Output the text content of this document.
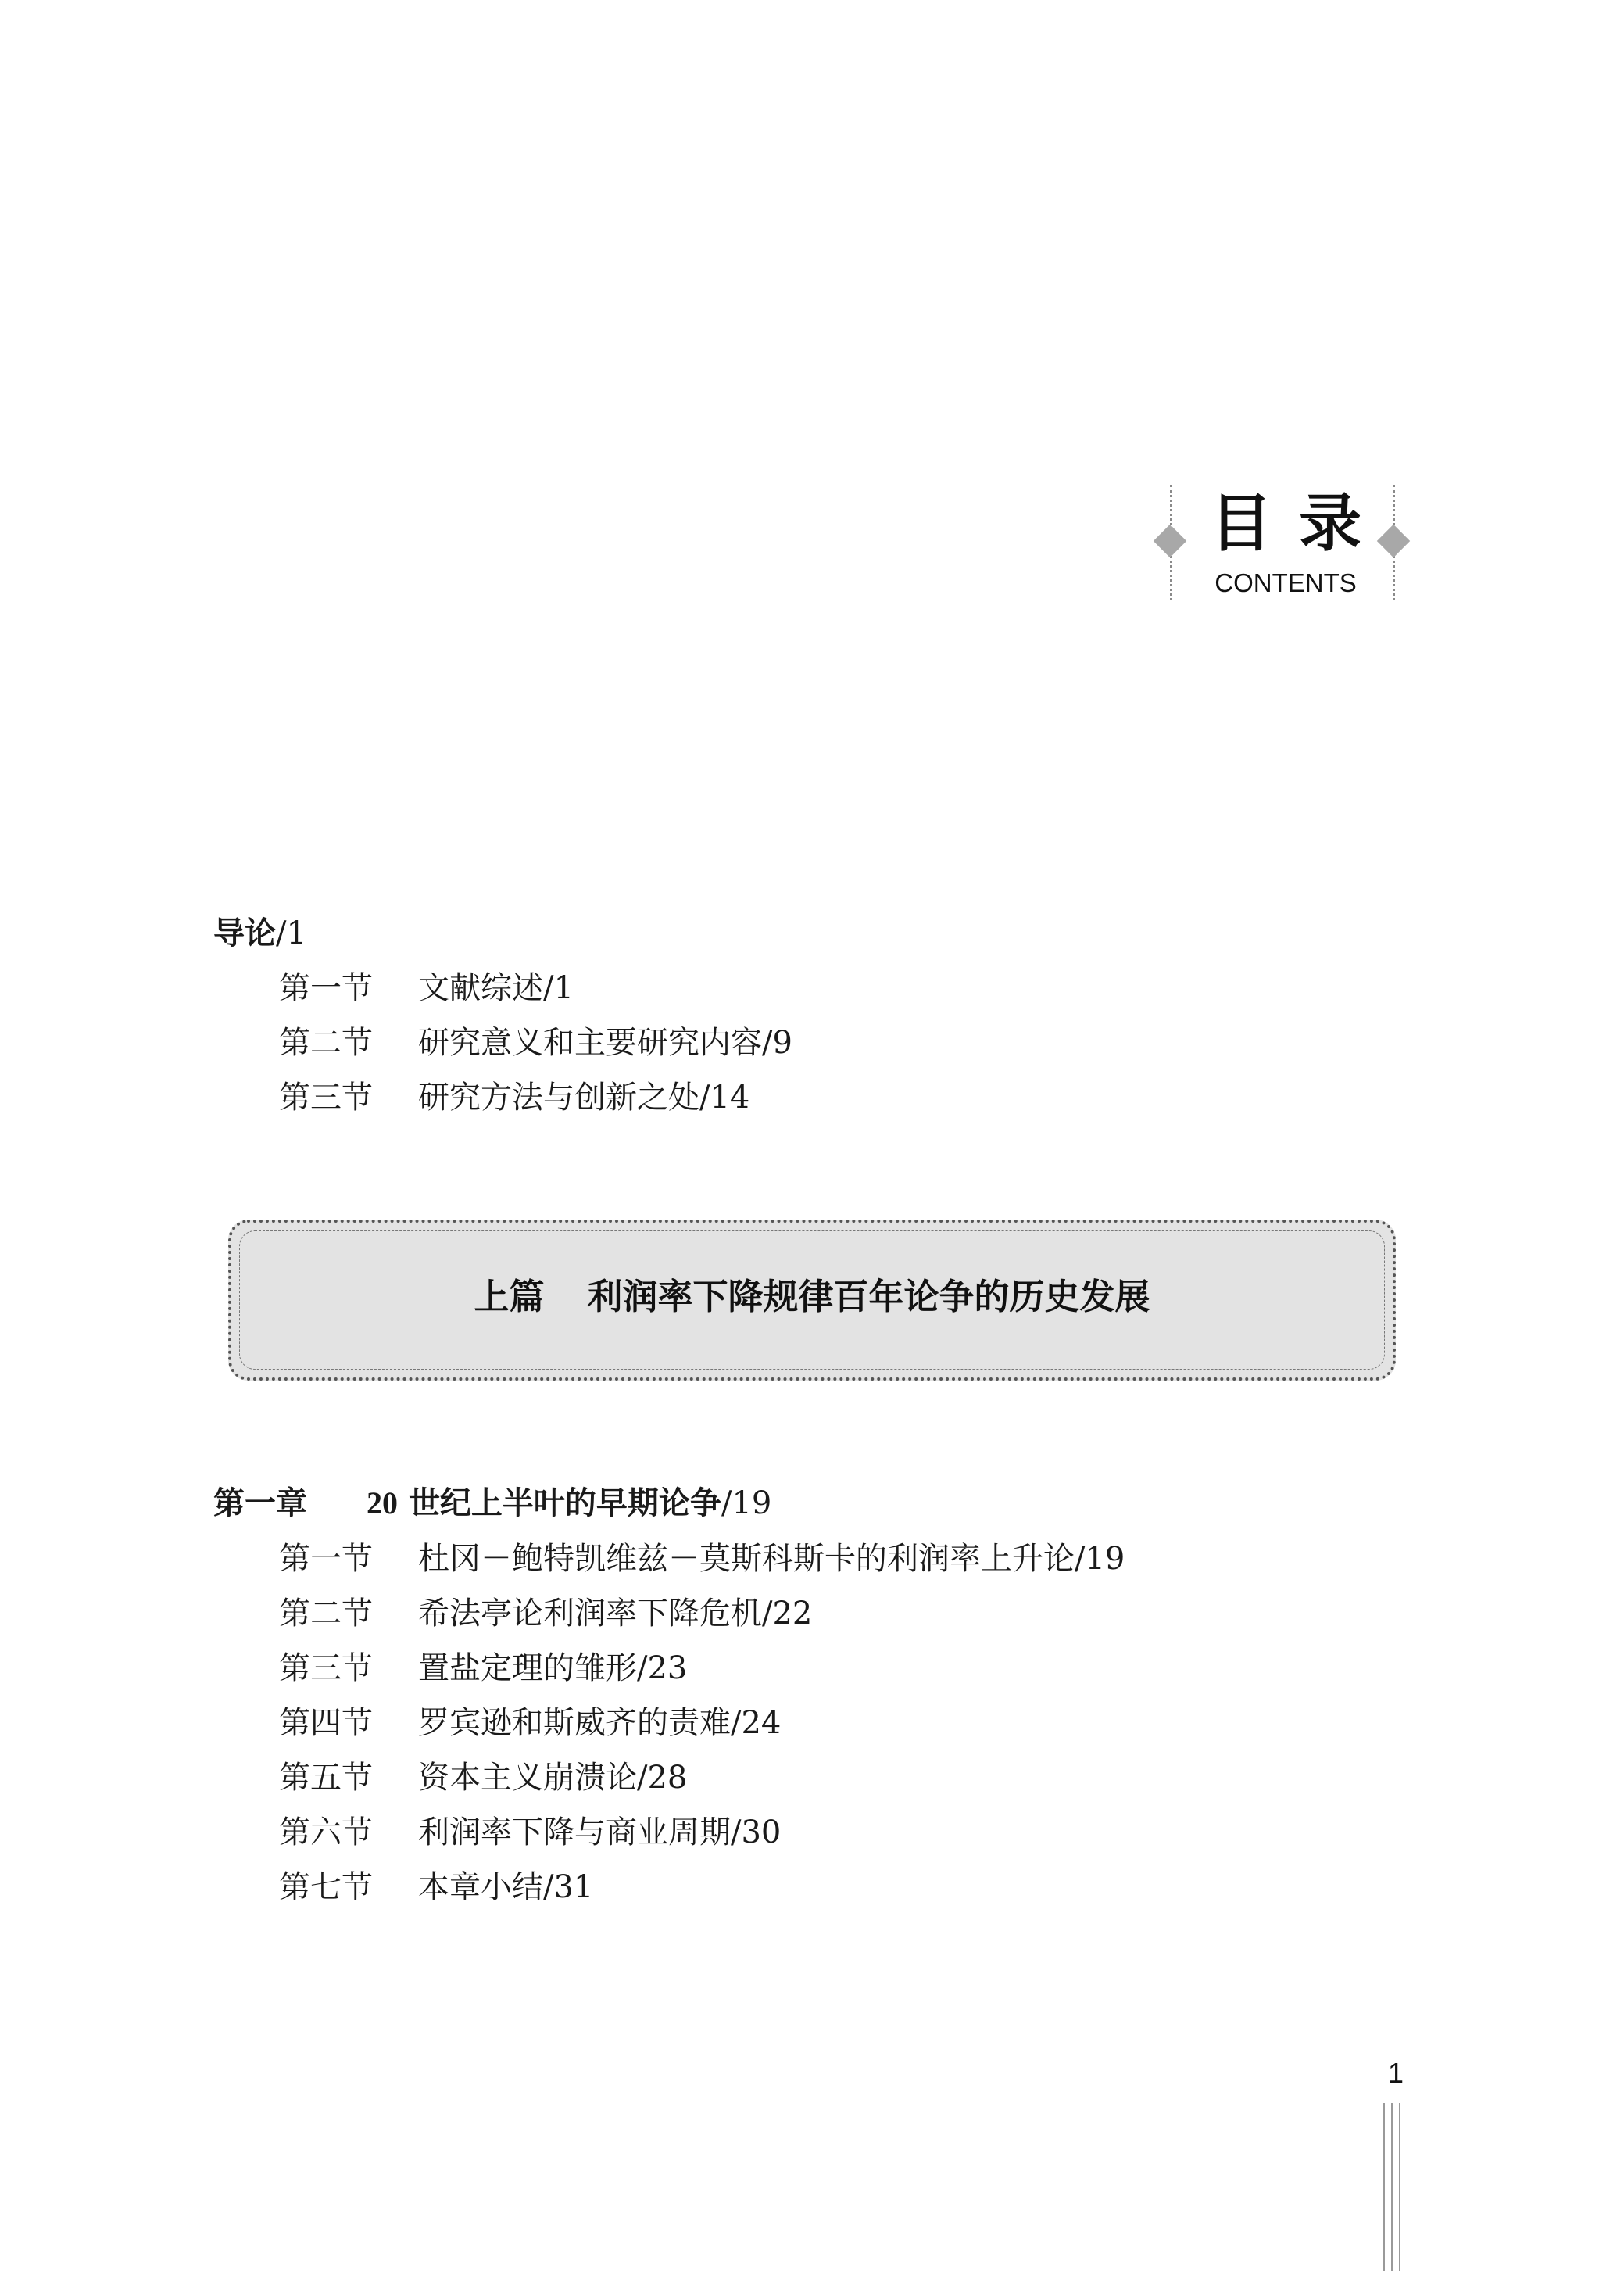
目录
CONTENTS
导论/1
第一节 文献综述/1
第二节 研究意义和主要研究内容/9
第三节 研究方法与创新之处/14
上篇 利润率下降规律百年论争的历史发展
第一章 20 世纪上半叶的早期论争/19
第一节 杜冈－鲍特凯维兹－莫斯科斯卡的利润率上升论/19
第二节 希法亭论利润率下降危机/22
第三节 置盐定理的雏形/23
第四节 罗宾逊和斯威齐的责难/24
第五节 资本主义崩溃论/28
第六节 利润率下降与商业周期/30
第七节 本章小结/31
1
